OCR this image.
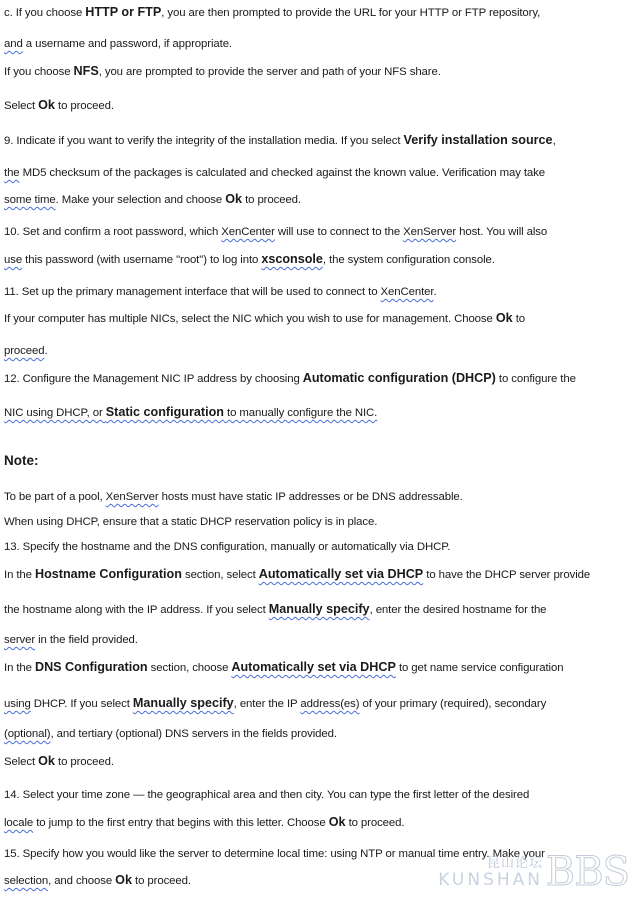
c. If you choose HTTP or FTP, you are then prompted to provide the URL for your HTTP or FTP repository,
and a username and password, if appropriate.
If you choose NFS, you are prompted to provide the server and path of your NFS share.
Select Ok to proceed.
9. Indicate if you want to verify the integrity of the installation media. If you select Verify installation source,
the MD5 checksum of the packages is calculated and checked against the known value. Verification may take
some time. Make your selection and choose Ok to proceed.
10. Set and confirm a root password, which XenCenter will use to connect to the XenServer host. You will also
use this password (with username "root") to log into xsconsole, the system configuration console.
11. Set up the primary management interface that will be used to connect to XenCenter.
If your computer has multiple NICs, select the NIC which you wish to use for management. Choose Ok to
proceed.
12. Configure the Management NIC IP address by choosing Automatic configuration (DHCP) to configure the
NIC using DHCP, or Static configuration to manually configure the NIC.
Note:
To be part of a pool, XenServer hosts must have static IP addresses or be DNS addressable.
When using DHCP, ensure that a static DHCP reservation policy is in place.
13. Specify the hostname and the DNS configuration, manually or automatically via DHCP.
In the Hostname Configuration section, select Automatically set via DHCP to have the DHCP server provide
the hostname along with the IP address. If you select Manually specify, enter the desired hostname for the
server in the field provided.
In the DNS Configuration section, choose Automatically set via DHCP to get name service configuration
using DHCP. If you select Manually specify, enter the IP address(es) of your primary (required), secondary
(optional), and tertiary (optional) DNS servers in the fields provided.
Select Ok to proceed.
14. Select your time zone — the geographical area and then city. You can type the first letter of the desired
locale to jump to the first entry that begins with this letter. Choose Ok to proceed.
15. Specify how you would like the server to determine local time: using NTP or manual time entry. Make your
selection, and choose Ok to proceed.
昆山论坛
KUNSHAN BBS
